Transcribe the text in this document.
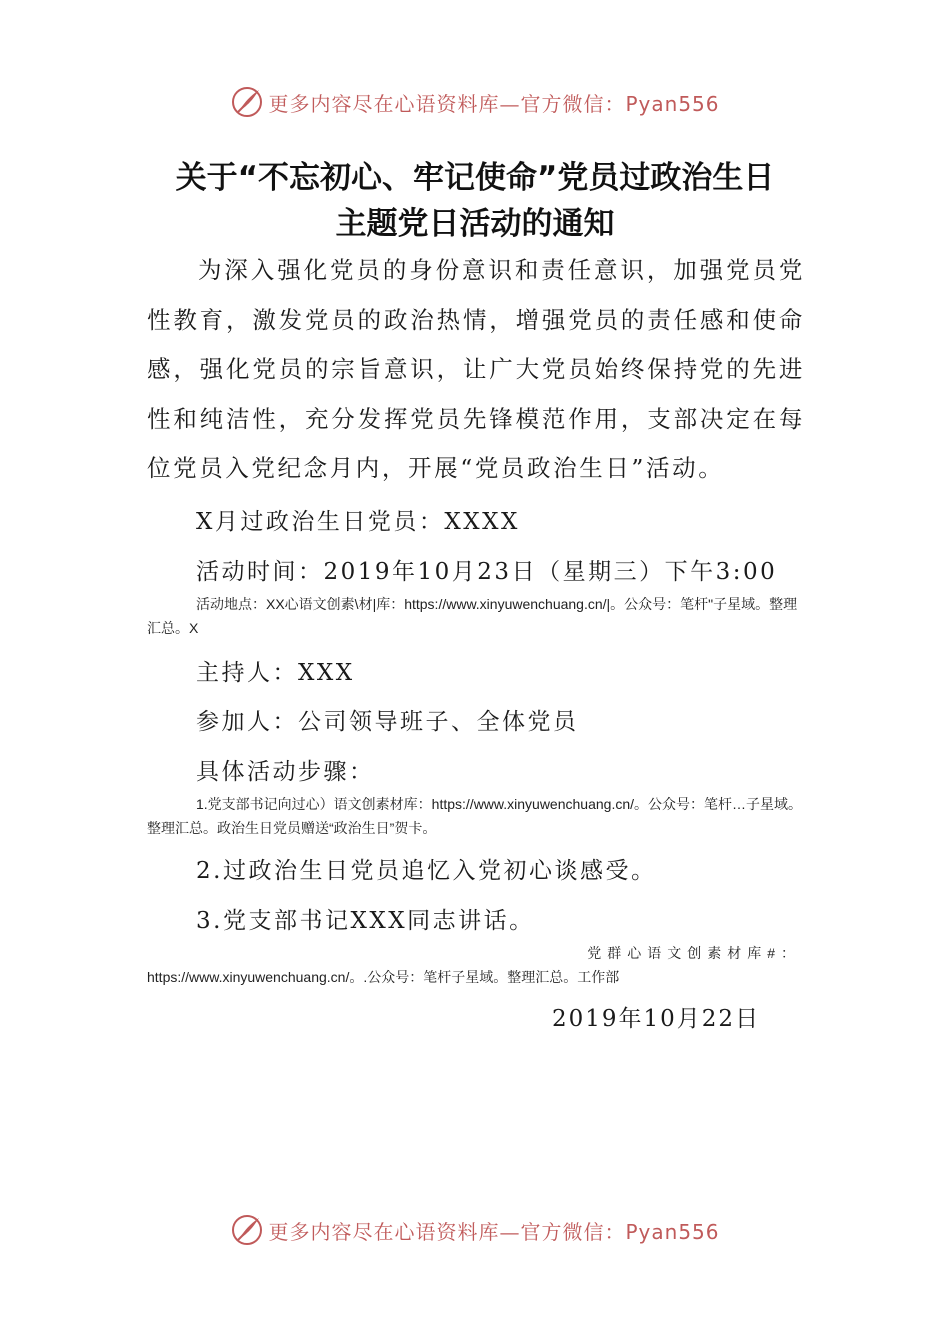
更多内容尽在心语资料库—官方微信：Pyan556
关于“不忘初心、牢记使命”党员过政治生日
主题党日活动的通知
为深入强化党员的身份意识和责任意识，加强党员党性教育，激发党员的政治热情，增强党员的责任感和使命感，强化党员的宗旨意识，让广大党员始终保持党的先进性和纯洁性，充分发挥党员先锋模范作用，支部决定在每位党员入党纪念月内，开展“党员政治生日”活动。
X月过政治生日党员：XXXX
活动时间：2019年10月23日（星期三）下午3:00
活动地点：XX心语文创素\材|库：https://www.xinyuwenchuang.cn/|。公众号：笔杆"子星域。整理汇总。X
主持人：XXX
参加人：公司领导班子、全体党员
具体活动步骤：
1.党支部书记向过心）语文创素材库：https://www.xinyuwenchuang.cn/。公众号：笔杆…子星域。整理汇总。政治生日党员赠送“政治生日”贺卡。
2.过政治生日党员追忆入党初心谈感受。
3.党支部书记XXX同志讲话。
党群心语文创素材库#：
https://www.xinyuwenchuang.cn/。.公众号：笔杆子星域。整理汇总。工作部
2019年10月22日
更多内容尽在心语资料库—官方微信：Pyan556
